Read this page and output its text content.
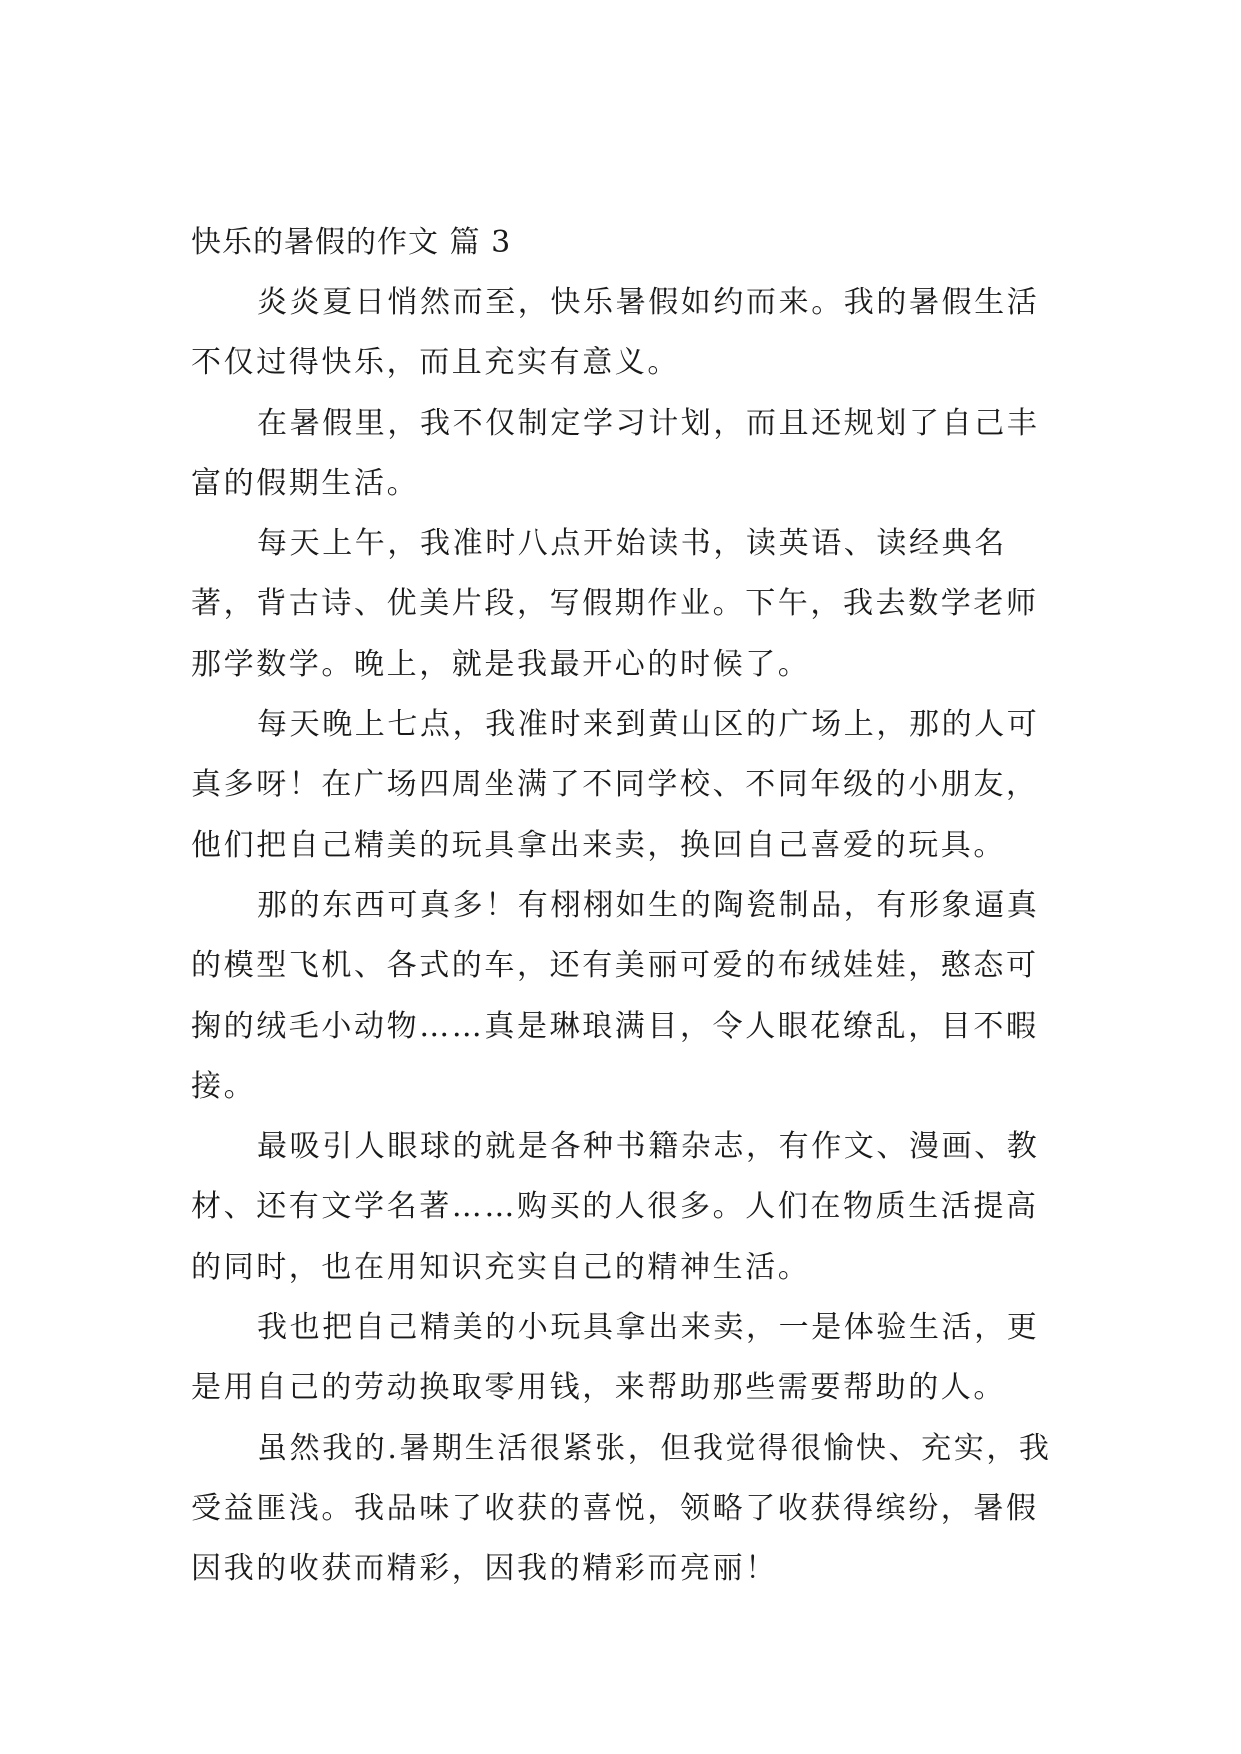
快乐的暑假的作文 篇 3

炎炎夏日悄然而至，快乐暑假如约而来。我的暑假生活不仅过得快乐，而且充实有意义。

在暑假里，我不仅制定学习计划，而且还规划了自己丰富的假期生活。

每天上午，我准时八点开始读书，读英语、读经典名著，背古诗、优美片段，写假期作业。下午，我去数学老师那学数学。晚上，就是我最开心的时候了。

每天晚上七点，我准时来到黄山区的广场上，那的人可真多呀！在广场四周坐满了不同学校、不同年级的小朋友，他们把自己精美的玩具拿出来卖，换回自己喜爱的玩具。

那的东西可真多！有栩栩如生的陶瓷制品，有形象逼真的模型飞机、各式的车，还有美丽可爱的布绒娃娃，憨态可掬的绒毛小动物……真是琳琅满目，令人眼花缭乱，目不暇接。

最吸引人眼球的就是各种书籍杂志，有作文、漫画、教材、还有文学名著……购买的人很多。人们在物质生活提高的同时，也在用知识充实自己的精神生活。

我也把自己精美的小玩具拿出来卖，一是体验生活，更是用自己的劳动换取零用钱，来帮助那些需要帮助的人。

虽然我的.暑期生活很紧张，但我觉得很愉快、充实，我受益匪浅。我品味了收获的喜悦，领略了收获得缤纷，暑假因我的收获而精彩，因我的精彩而亮丽！
